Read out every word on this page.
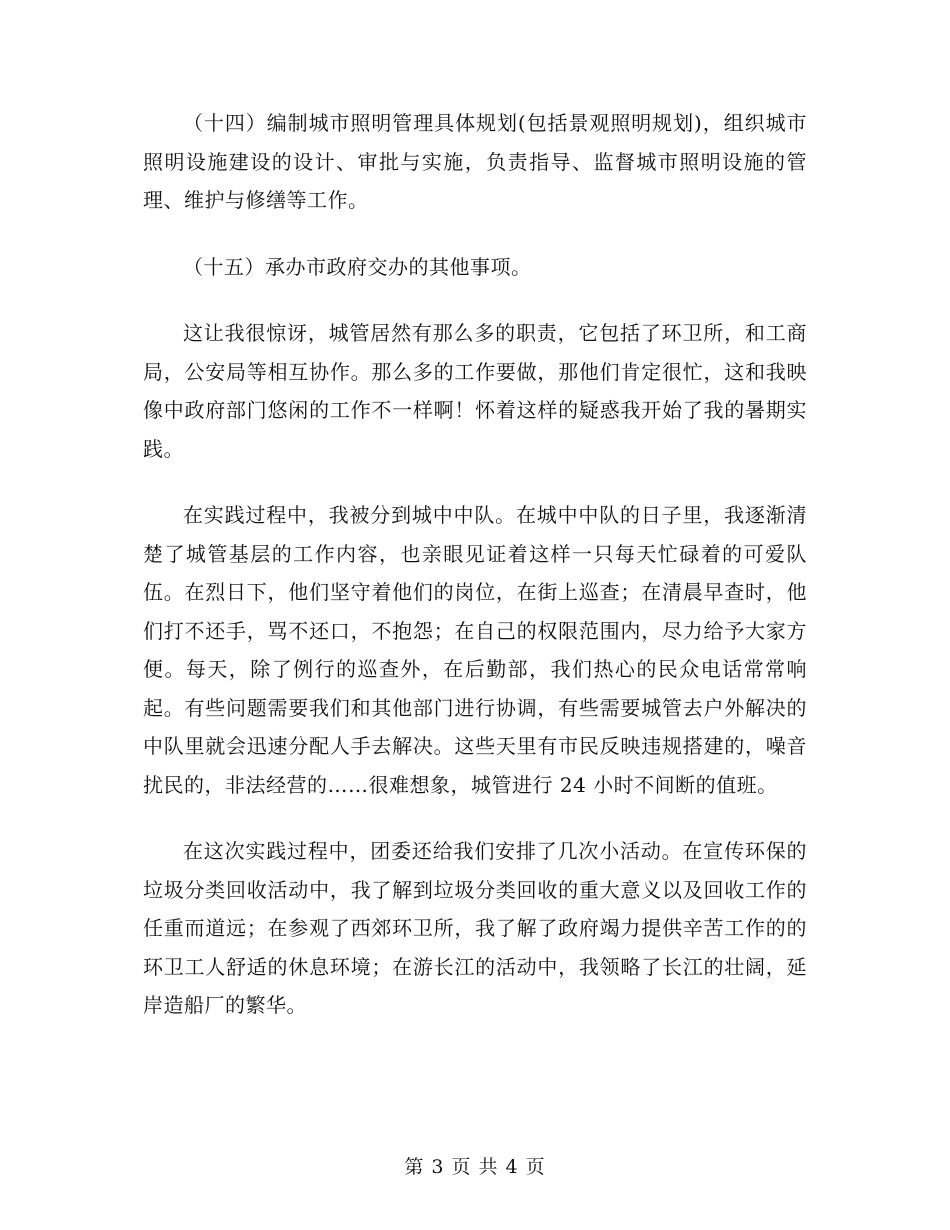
（十四）编制城市照明管理具体规划(包括景观照明规划)，组织城市照明设施建设的设计、审批与实施，负责指导、监督城市照明设施的管理、维护与修缮等工作。

（十五）承办市政府交办的其他事项。

这让我很惊讶，城管居然有那么多的职责，它包括了环卫所，和工商局，公安局等相互协作。那么多的工作要做，那他们肯定很忙，这和我映像中政府部门悠闲的工作不一样啊！怀着这样的疑惑我开始了我的暑期实践。

在实践过程中，我被分到城中中队。在城中中队的日子里，我逐渐清楚了城管基层的工作内容，也亲眼见证着这样一只每天忙碌着的可爱队伍。在烈日下，他们坚守着他们的岗位，在街上巡查；在清晨早查时，他们打不还手，骂不还口，不抱怨；在自己的权限范围内，尽力给予大家方便。每天，除了例行的巡查外，在后勤部，我们热心的民众电话常常响起。有些问题需要我们和其他部门进行协调，有些需要城管去户外解决的中队里就会迅速分配人手去解决。这些天里有市民反映违规搭建的，噪音扰民的，非法经营的……很难想象，城管进行 24 小时不间断的值班。

在这次实践过程中，团委还给我们安排了几次小活动。在宣传环保的垃圾分类回收活动中，我了解到垃圾分类回收的重大意义以及回收工作的任重而道远；在参观了西郊环卫所，我了解了政府竭力提供辛苦工作的的环卫工人舒适的休息环境；在游长江的活动中，我领略了长江的壮阔，延岸造船厂的繁华。

第 3 页 共 4 页
